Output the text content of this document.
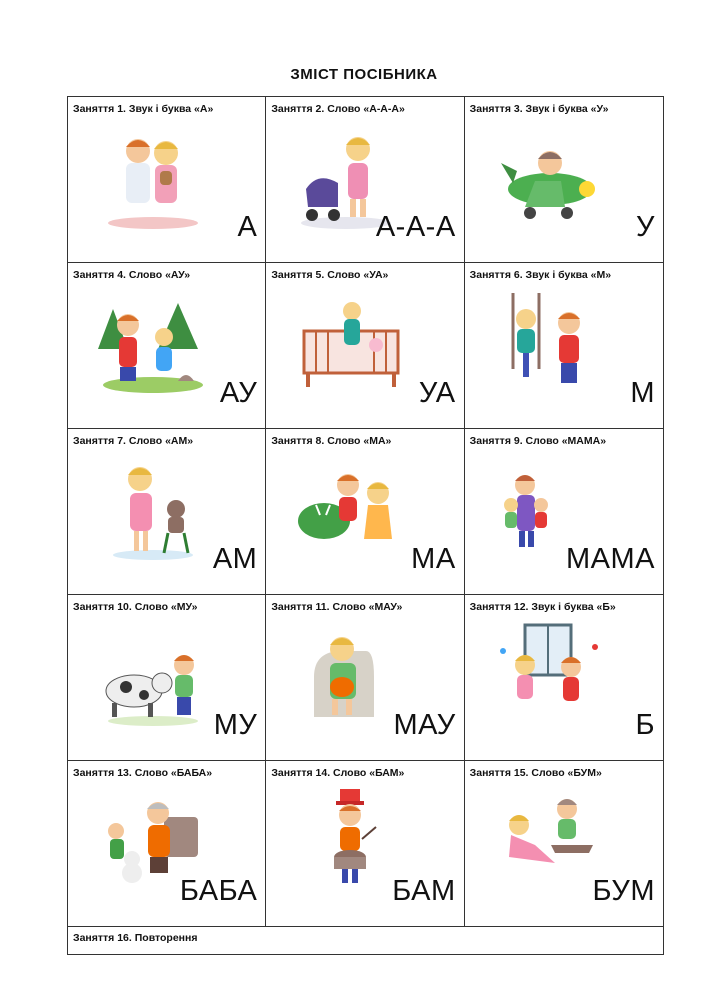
ЗМІСТ ПОСІБНИКА
Заняття 1. Звук і буква «А»
А
Заняття 2. Слово «А-А-А»
А-А-А
Заняття 3. Звук і буква «У»
У
Заняття 4. Слово «АУ»
АУ
Заняття 5. Слово «УА»
УА
Заняття 6. Звук і буква «М»
М
Заняття 7. Слово «АМ»
АМ
Заняття 8. Слово «МА»
МА
Заняття 9. Слово «МАМА»
МАМА
Заняття 10. Слово «МУ»
МУ
Заняття 11. Слово «МАУ»
МАУ
Заняття 12. Звук і буква «Б»
Б
Заняття 13. Слово «БАБА»
БАБА
Заняття 14. Слово «БАМ»
БАМ
Заняття 15. Слово «БУМ»
БУМ
Заняття 16. Повторення
